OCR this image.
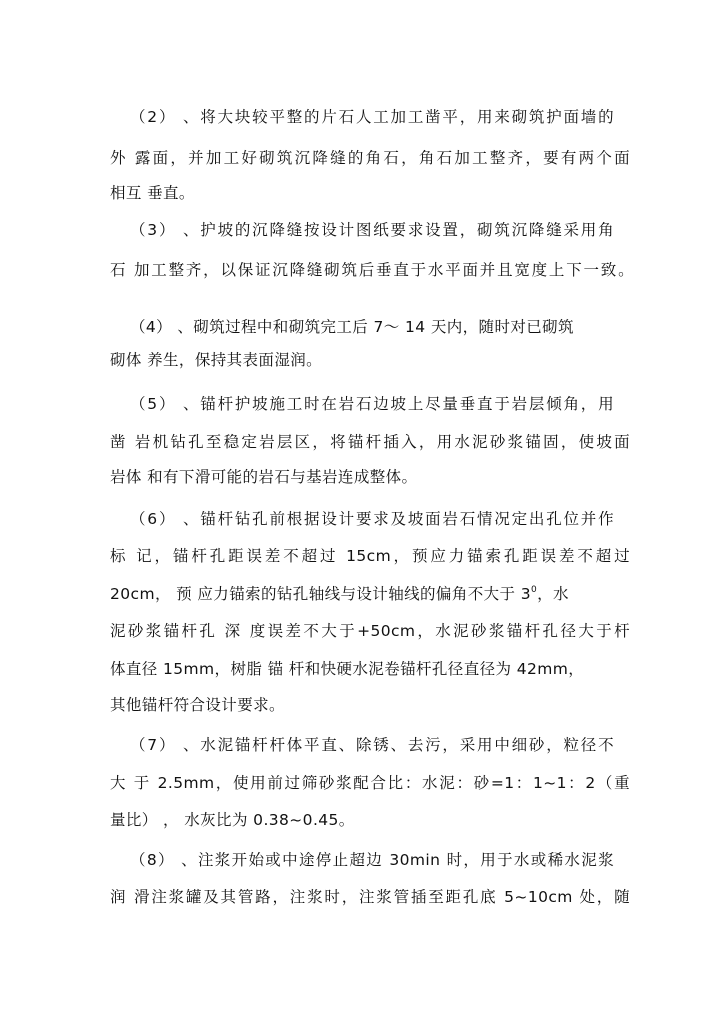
（2） 、将大块较平整的片石人工加工凿平，用来砌筑护面墙的
外 露面，并加工好砌筑沉降缝的角石，角石加工整齐，要有两个面
相互 垂直。
（3） 、护坡的沉降缝按设计图纸要求设置，砌筑沉降缝采用角
石 加工整齐，以保证沉降缝砌筑后垂直于水平面并且宽度上下一致。
（4） 、砌筑过程中和砌筑完工后 7～ 14 天内，随时对已砌筑
砌体 养生，保持其表面湿润。
（5） 、锚杆护坡施工时在岩石边坡上尽量垂直于岩层倾角，用
凿 岩机钻孔至稳定岩层区，将锚杆插入，用水泥砂浆锚固，使坡面
岩体 和有下滑可能的岩石与基岩连成整体。
（6） 、锚杆钻孔前根据设计要求及坡面岩石情况定出孔位并作
标 记，锚杆孔距误差不超过 15cm，预应力锚索孔距误差不超过
20cm， 预 应力锚索的钻孔轴线与设计轴线的偏角不大于 $3^0$，水
泥砂浆锚杆孔 深 度误差不大于+50cm，水泥砂浆锚杆孔径大于杆
体直径 15mm，树脂 锚 杆和快硬水泥卷锚杆孔径直径为 42mm，
其他锚杆符合设计要求。
（7） 、水泥锚杆杆体平直、除锈、去污，采用中细砂，粒径不
大 于 2.5mm，使用前过筛砂浆配合比：水泥：砂=1：1~1：2（重
量比） ， 水灰比为 0.38~0.45。
（8） 、注浆开始或中途停止超边 30min 时，用于水或稀水泥浆
润 滑注浆罐及其管路，注浆时，注浆管插至距孔底 5~10cm 处，随
